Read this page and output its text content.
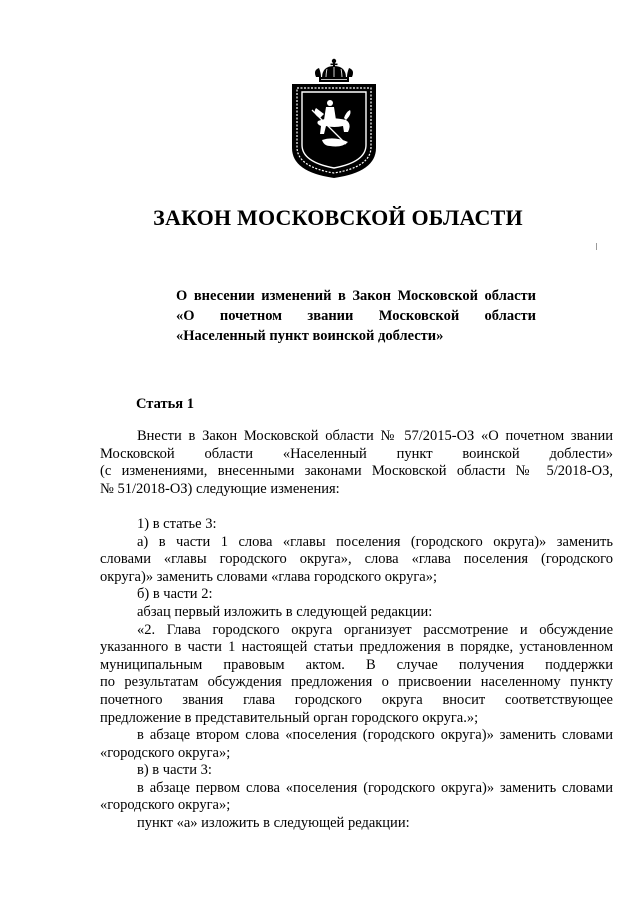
ЗАКОН МОСКОВСКОЙ ОБЛАСТИ
О внесении изменений в Закон Московской области
«О почетном звании Московской области
«Населенный пункт воинской доблести»
Статья 1

Внести в Закон Московской области № 57/2015-ОЗ «О почетном звании

Московской области «Населенный пункт воинской доблести»

(с изменениями, внесенными законами Московской области № 5/2018-ОЗ,

№ 51/2018-ОЗ) следующие изменения:

1) в статье 3:

а) в части 1 слова «главы поселения (городского округа)» заменить

словами «главы городского округа», слова «глава поселения (городского

округа)» заменить словами «глава городского округа»;

б) в части 2:

абзац первый изложить в следующей редакции:

«2. Глава городского округа организует рассмотрение и обсуждение

указанного в части 1 настоящей статьи предложения в порядке, установленном

муниципальным правовым актом. В случае получения поддержки

по результатам обсуждения предложения о присвоении населенному пункту

почетного звания глава городского округа вносит соответствующее

предложение в представительный орган городского округа.»;

в абзаце втором слова «поселения (городского округа)» заменить словами

«городского округа»;

в) в части 3:

в абзаце первом слова «поселения (городского округа)» заменить словами

«городского округа»;

пункт «а» изложить в следующей редакции:
